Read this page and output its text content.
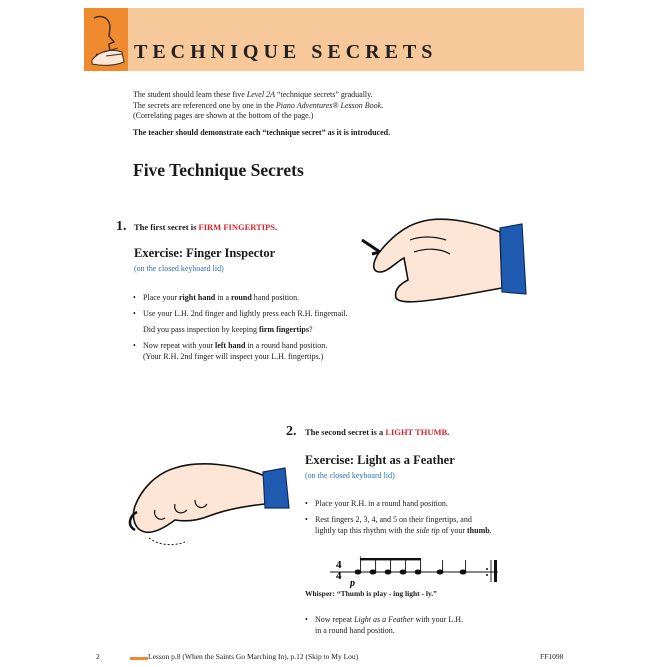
TECHNIQUE SECRETS

The student should learn these five Level 2A “technique secrets” gradually.

The secrets are referenced one by one in the Piano Adventures® Lesson Book.

(Correlating pages are shown at the bottom of the page.)

The teacher should demonstrate each “technique secret” as it is introduced.

Five Technique Secrets
1. The first secret is FIRM FINGERTIPS.
Exercise: Finger Inspector
(on the closed keyboard lid)
• Place your right hand in a round hand position.
• Use your L.H. 2nd finger and lightly press each R.H. fingernail.
Did you pass inspection by keeping firm fingertips?
• Now repeat with your left hand in a round hand position.
(Your R.H. 2nd finger will inspect your L.H. fingertips.)
2. The second secret is a LIGHT THUMB.
Exercise: Light as a Feather
(on the closed keyboard lid)
• Place your R.H. in a round hand position.
• Rest fingers 2, 3, 4, and 5 on their fingertips, and
lightly tap this rhythm with the side tip of your thumb.
4
4
p
Whisper: “Thumb is play - ing light - ly.”
• Now repeat Light as a Feather with your L.H.
in a round hand position.
2	Lesson p.8 (When the Saints Go Marching In), p.12 (Skip to My Lou)	FF1098
